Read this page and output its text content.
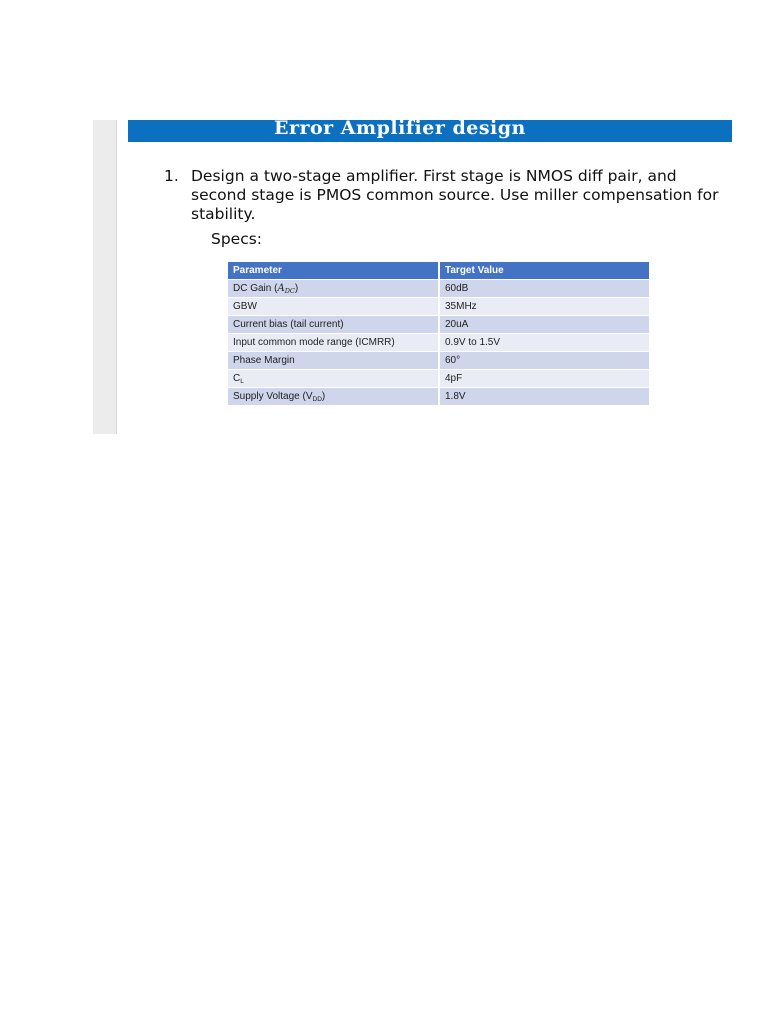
Error Amplifier design
1. Design a two-stage amplifier. First stage is NMOS diff pair, and second stage is PMOS common source. Use miller compensation for stability.
Specs:
Parameter	Target Value
DC Gain $(A_{DC})$	60dB
GBW	35MHz
Current bias (tail current)	20uA
Input common mode range (ICMRR)	0.9V to 1.5V
Phase Margin	60°
$C_L$	4pF
Supply Voltage $(V_{DD})$	1.8V
